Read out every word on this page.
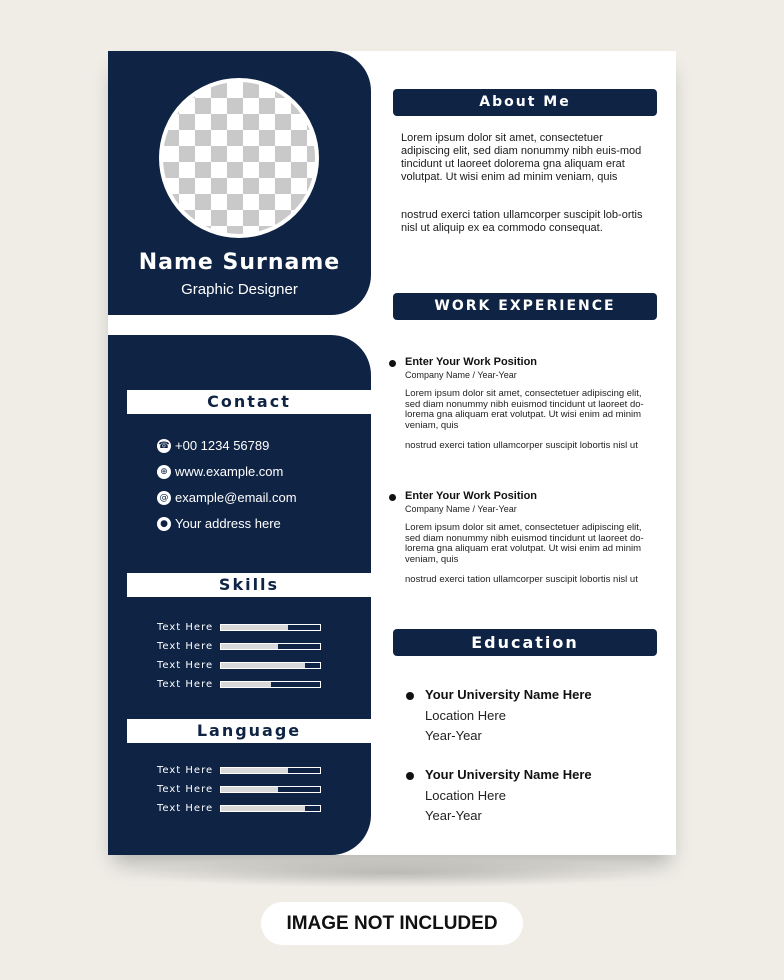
Name Surname
Graphic Designer
Contact
☎ +00 1234 56789
⊕ www.example.com
@ example@email.com
● Your address here
Skills
Text Here
Text Here
Text Here
Text Here
Language
Text Here
Text Here
Text Here
About Me
Lorem ipsum dolor sit amet, consectetuer adipiscing elit, sed diam nonummy nibh euis-mod tincidunt ut laoreet dolorema gna aliquam erat volutpat. Ut wisi enim ad minim veniam, quis
nostrud exerci tation ullamcorper suscipit lob-ortis nisl ut aliquip ex ea commodo consequat.
WORK EXPERIENCE
Enter Your Work Position
Company Name / Year-Year
Lorem ipsum dolor sit amet, consectetuer adipiscing elit, sed diam nonummy nibh euismod tincidunt ut laoreet do-lorema gna aliquam erat volutpat. Ut wisi enim ad minim veniam, quis
nostrud exerci tation ullamcorper suscipit lobortis nisl ut
Enter Your Work Position
Company Name / Year-Year
Lorem ipsum dolor sit amet, consectetuer adipiscing elit, sed diam nonummy nibh euismod tincidunt ut laoreet do-lorema gna aliquam erat volutpat. Ut wisi enim ad minim veniam, quis
nostrud exerci tation ullamcorper suscipit lobortis nisl ut
Education
Your University Name Here
Location Here
Year-Year
Your University Name Here
Location Here
Year-Year
IMAGE NOT INCLUDED
